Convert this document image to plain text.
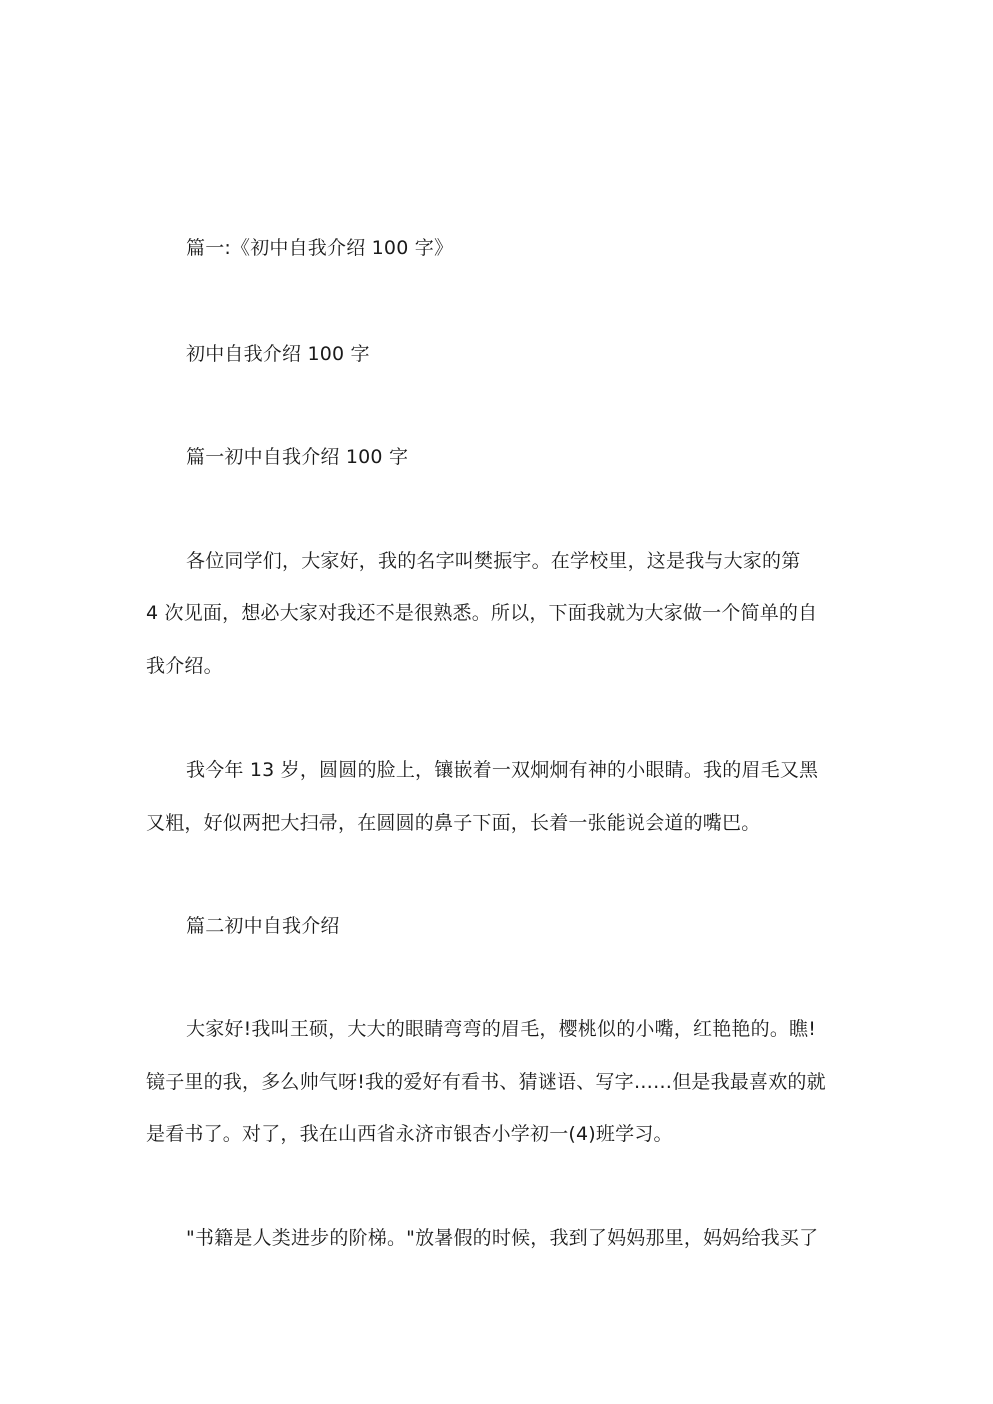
篇一:《初中自我介绍 100 字》
初中自我介绍 100 字
篇一初中自我介绍 100 字
各位同学们，大家好，我的名字叫樊振宇。在学校里，这是我与大家的第
4 次见面，想必大家对我还不是很熟悉。所以，下面我就为大家做一个简单的自
我介绍。
我今年 13 岁，圆圆的脸上，镶嵌着一双炯炯有神的小眼睛。我的眉毛又黑
又粗，好似两把大扫帚，在圆圆的鼻子下面，长着一张能说会道的嘴巴。
篇二初中自我介绍
大家好!我叫王硕，大大的眼睛弯弯的眉毛，樱桃似的小嘴，红艳艳的。瞧!
镜子里的我，多么帅气呀!我的爱好有看书、猜谜语、写字……但是我最喜欢的就
是看书了。对了，我在山西省永济市银杏小学初一(4)班学习。
"书籍是人类进步的阶梯。"放暑假的时候，我到了妈妈那里，妈妈给我买了
